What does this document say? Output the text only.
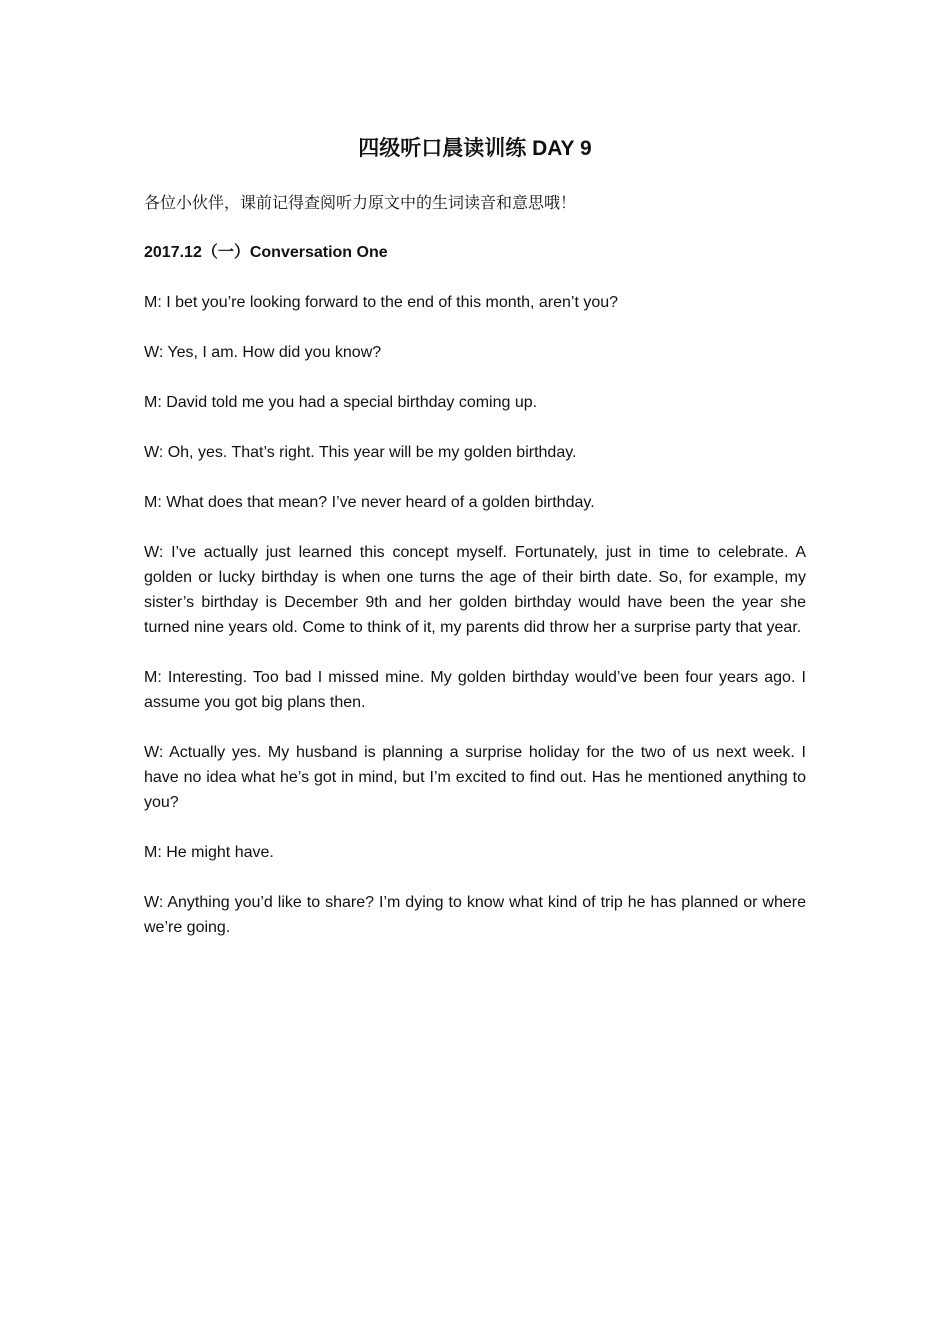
四级听口晨读训练 DAY 9

各位小伙伴，课前记得查阅听力原文中的生词读音和意思哦！

2017.12（一）Conversation One

M: I bet you’re looking forward to the end of this month, aren’t you?

W: Yes, I am. How did you know?

M: David told me you had a special birthday coming up.

W: Oh, yes. That’s right. This year will be my golden birthday.

M: What does that mean? I’ve never heard of a golden birthday.

W: I’ve actually just learned this concept myself. Fortunately, just in time to celebrate. A golden or lucky birthday is when one turns the age of their birth date. So, for example, my sister’s birthday is December 9th and her golden birthday would have been the year she turned nine years old. Come to think of it, my parents did throw her a surprise party that year.

M: Interesting. Too bad I missed mine. My golden birthday would’ve been four years ago. I assume you got big plans then.

W: Actually yes. My husband is planning a surprise holiday for the two of us next week. I have no idea what he’s got in mind, but I’m excited to find out. Has he mentioned anything to you?

M: He might have.

W: Anything you’d like to share? I’m dying to know what kind of trip he has planned or where we’re going.
